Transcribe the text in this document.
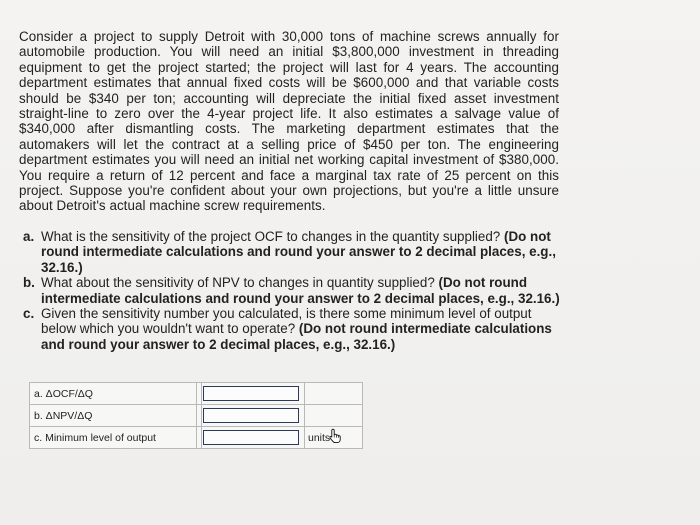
Consider a project to supply Detroit with 30,000 tons of machine screws annually for automobile production. You will need an initial $3,800,000 investment in threading equipment to get the project started; the project will last for 4 years. The accounting department estimates that annual fixed costs will be $600,000 and that variable costs should be $340 per ton; accounting will depreciate the initial fixed asset investment straight-line to zero over the 4-year project life. It also estimates a salvage value of $340,000 after dismantling costs. The marketing department estimates that the automakers will let the contract at a selling price of $450 per ton. The engineering department estimates you will need an initial net working capital investment of $380,000. You require a return of 12 percent and face a marginal tax rate of 25 percent on this project. Suppose you're confident about your own projections, but you're a little unsure about Detroit's actual machine screw requirements.

a. What is the sensitivity of the project OCF to changes in the quantity supplied? (Do not round intermediate calculations and round your answer to 2 decimal places, e.g., 32.16.)
b. What about the sensitivity of NPV to changes in quantity supplied? (Do not round intermediate calculations and round your answer to 2 decimal places, e.g., 32.16.)
c. Given the sensitivity number you calculated, is there some minimum level of output below which you wouldn't want to operate? (Do not round intermediate calculations and round your answer to 2 decimal places, e.g., 32.16.)
a. ΔOCF/ΔQ		

b. ΔNPV/ΔQ		

c. Minimum level of output			units
